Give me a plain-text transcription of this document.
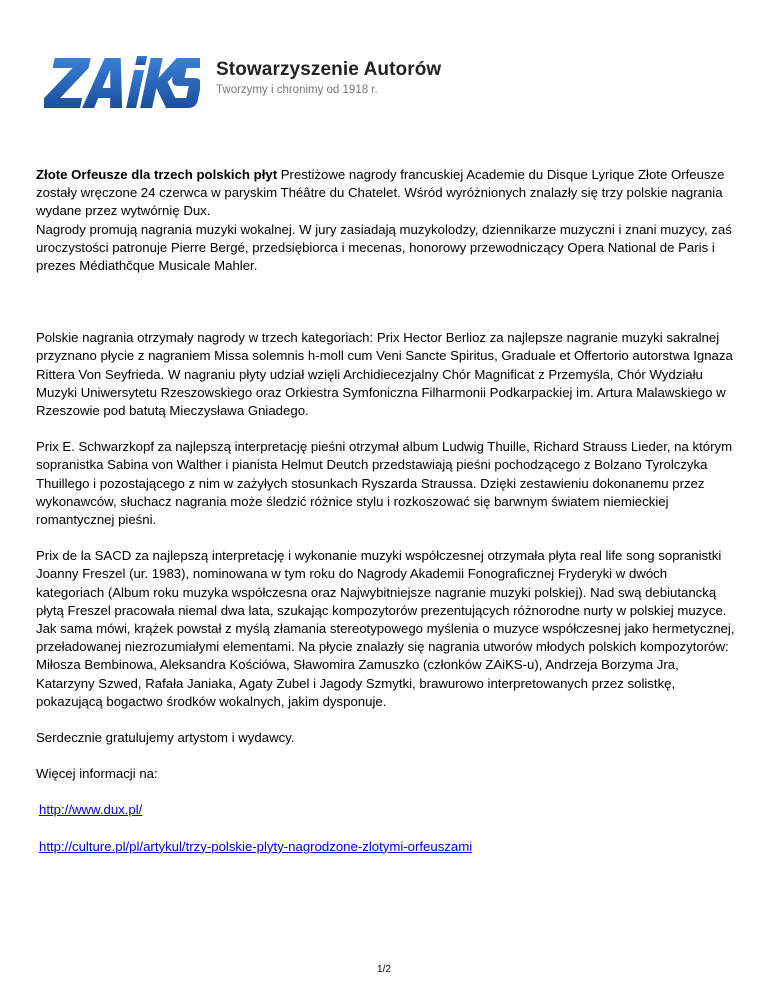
Stowarzyszenie Autorów
Tworzymy i chronimy od 1918 r.

Złote Orfeusze dla trzech polskich płyt Prestiżowe nagrody francuskiej Academie du Disque Lyrique Złote Orfeusze zostały wręczone 24 czerwca w paryskim Théâtre du Chatelet. Wśród wyróżnionych znalazły się trzy polskie nagrania wydane przez wytwórnię Dux.
Nagrody promują nagrania muzyki wokalnej. W jury zasiadają muzykolodzy, dziennikarze muzyczni i znani muzycy, zaś uroczystości patronuje Pierre Bergé, przedsiębiorca i mecenas, honorowy przewodniczący Opera National de Paris i prezes Médiathčque Musicale Mahler.

Polskie nagrania otrzymały nagrody w trzech kategoriach: Prix Hector Berlioz za najlepsze nagranie muzyki sakralnej przyznano płycie z nagraniem Missa solemnis h-moll cum Veni Sancte Spiritus, Graduale et Offertorio autorstwa Ignaza Rittera Von Seyfrieda. W nagraniu płyty udział wzięli Archidiecezjalny Chór Magnificat z Przemyśla, Chór Wydziału Muzyki Uniwersytetu Rzeszowskiego oraz Orkiestra Symfoniczna Filharmonii Podkarpackiej im. Artura Malawskiego w Rzeszowie pod batutą Mieczysława Gniadego.

Prix E. Schwarzkopf za najlepszą interpretację pieśni otrzymał album Ludwig Thuille, Richard Strauss Lieder, na którym sopranistka Sabina von Walther i pianista Helmut Deutch przedstawiają pieśni pochodzącego z Bolzano Tyrolczyka Thuillego i pozostającego z nim w zażyłych stosunkach Ryszarda Straussa. Dzięki zestawieniu dokonanemu przez wykonawców, słuchacz nagrania może śledzić różnice stylu i rozkoszować się barwnym światem niemieckiej romantycznej pieśni.

Prix de la SACD za najlepszą interpretację i wykonanie muzyki współczesnej otrzymała płyta real life song sopranistki Joanny Freszel (ur. 1983), nominowana w tym roku do Nagrody Akademii Fonograficznej Fryderyki w dwóch kategoriach (Album roku muzyka współczesna oraz Najwybitniejsze nagranie muzyki polskiej). Nad swą debiutancką płytą Freszel pracowała niemal dwa lata, szukając kompozytorów prezentujących różnorodne nurty w polskiej muzyce. Jak sama mówi, krążek powstał z myślą złamania stereotypowego myślenia o muzyce współczesnej jako hermetycznej, przeładowanej niezrozumiałymi elementami. Na płycie znalazły się nagrania utworów młodych polskich kompozytorów: Miłosza Bembinowa, Aleksandra Kościówa, Sławomira Zamuszko (członków ZAiKS-u), Andrzeja Borzyma Jra, Katarzyny Szwed, Rafała Janiaka, Agaty Zubel i Jagody Szmytki, brawurowo interpretowanych przez solistkę, pokazującą bogactwo środków wokalnych, jakim dysponuje.

Serdecznie gratulujemy artystom i wydawcy.

Więcej informacji na:

http://www.dux.pl/

http://culture.pl/pl/artykul/trzy-polskie-plyty-nagrodzone-zlotymi-orfeuszami

1/2
